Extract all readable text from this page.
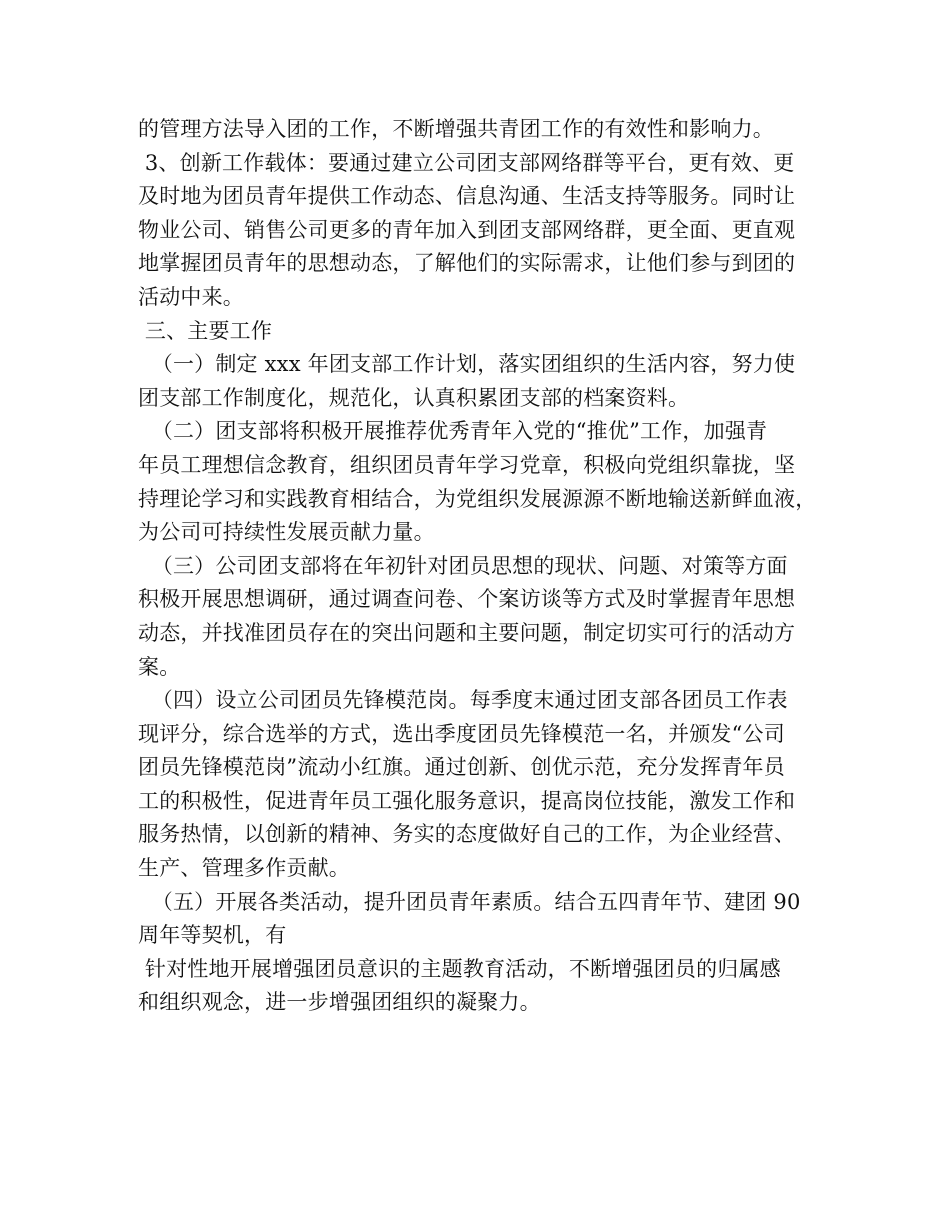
的管理方法导入团的工作，不断增强共青团工作的有效性和影响力。
3、创新工作载体：要通过建立公司团支部网络群等平台，更有效、更
及时地为团员青年提供工作动态、信息沟通、生活支持等服务。同时让
物业公司、销售公司更多的青年加入到团支部网络群，更全面、更直观
地掌握团员青年的思想动态，了解他们的实际需求，让他们参与到团的
活动中来。
三、主要工作
（一）制定 xxx 年团支部工作计划，落实团组织的生活内容，努力使
团支部工作制度化，规范化，认真积累团支部的档案资料。
（二）团支部将积极开展推荐优秀青年入党的“推优”工作，加强青
年员工理想信念教育，组织团员青年学习党章，积极向党组织靠拢，坚
持理论学习和实践教育相结合，为党组织发展源源不断地输送新鲜血液，
为公司可持续性发展贡献力量。
（三）公司团支部将在年初针对团员思想的现状、问题、对策等方面
积极开展思想调研，通过调查问卷、个案访谈等方式及时掌握青年思想
动态，并找准团员存在的突出问题和主要问题，制定切实可行的活动方
案。
（四）设立公司团员先锋模范岗。每季度末通过团支部各团员工作表
现评分，综合选举的方式，选出季度团员先锋模范一名，并颁发“公司
团员先锋模范岗”流动小红旗。通过创新、创优示范，充分发挥青年员
工的积极性，促进青年员工强化服务意识，提高岗位技能，激发工作和
服务热情，以创新的精神、务实的态度做好自己的工作，为企业经营、
生产、管理多作贡献。
（五）开展各类活动，提升团员青年素质。结合五四青年节、建团 90
周年等契机，有
针对性地开展增强团员意识的主题教育活动，不断增强团员的归属感
和组织观念，进一步增强团组织的凝聚力。
